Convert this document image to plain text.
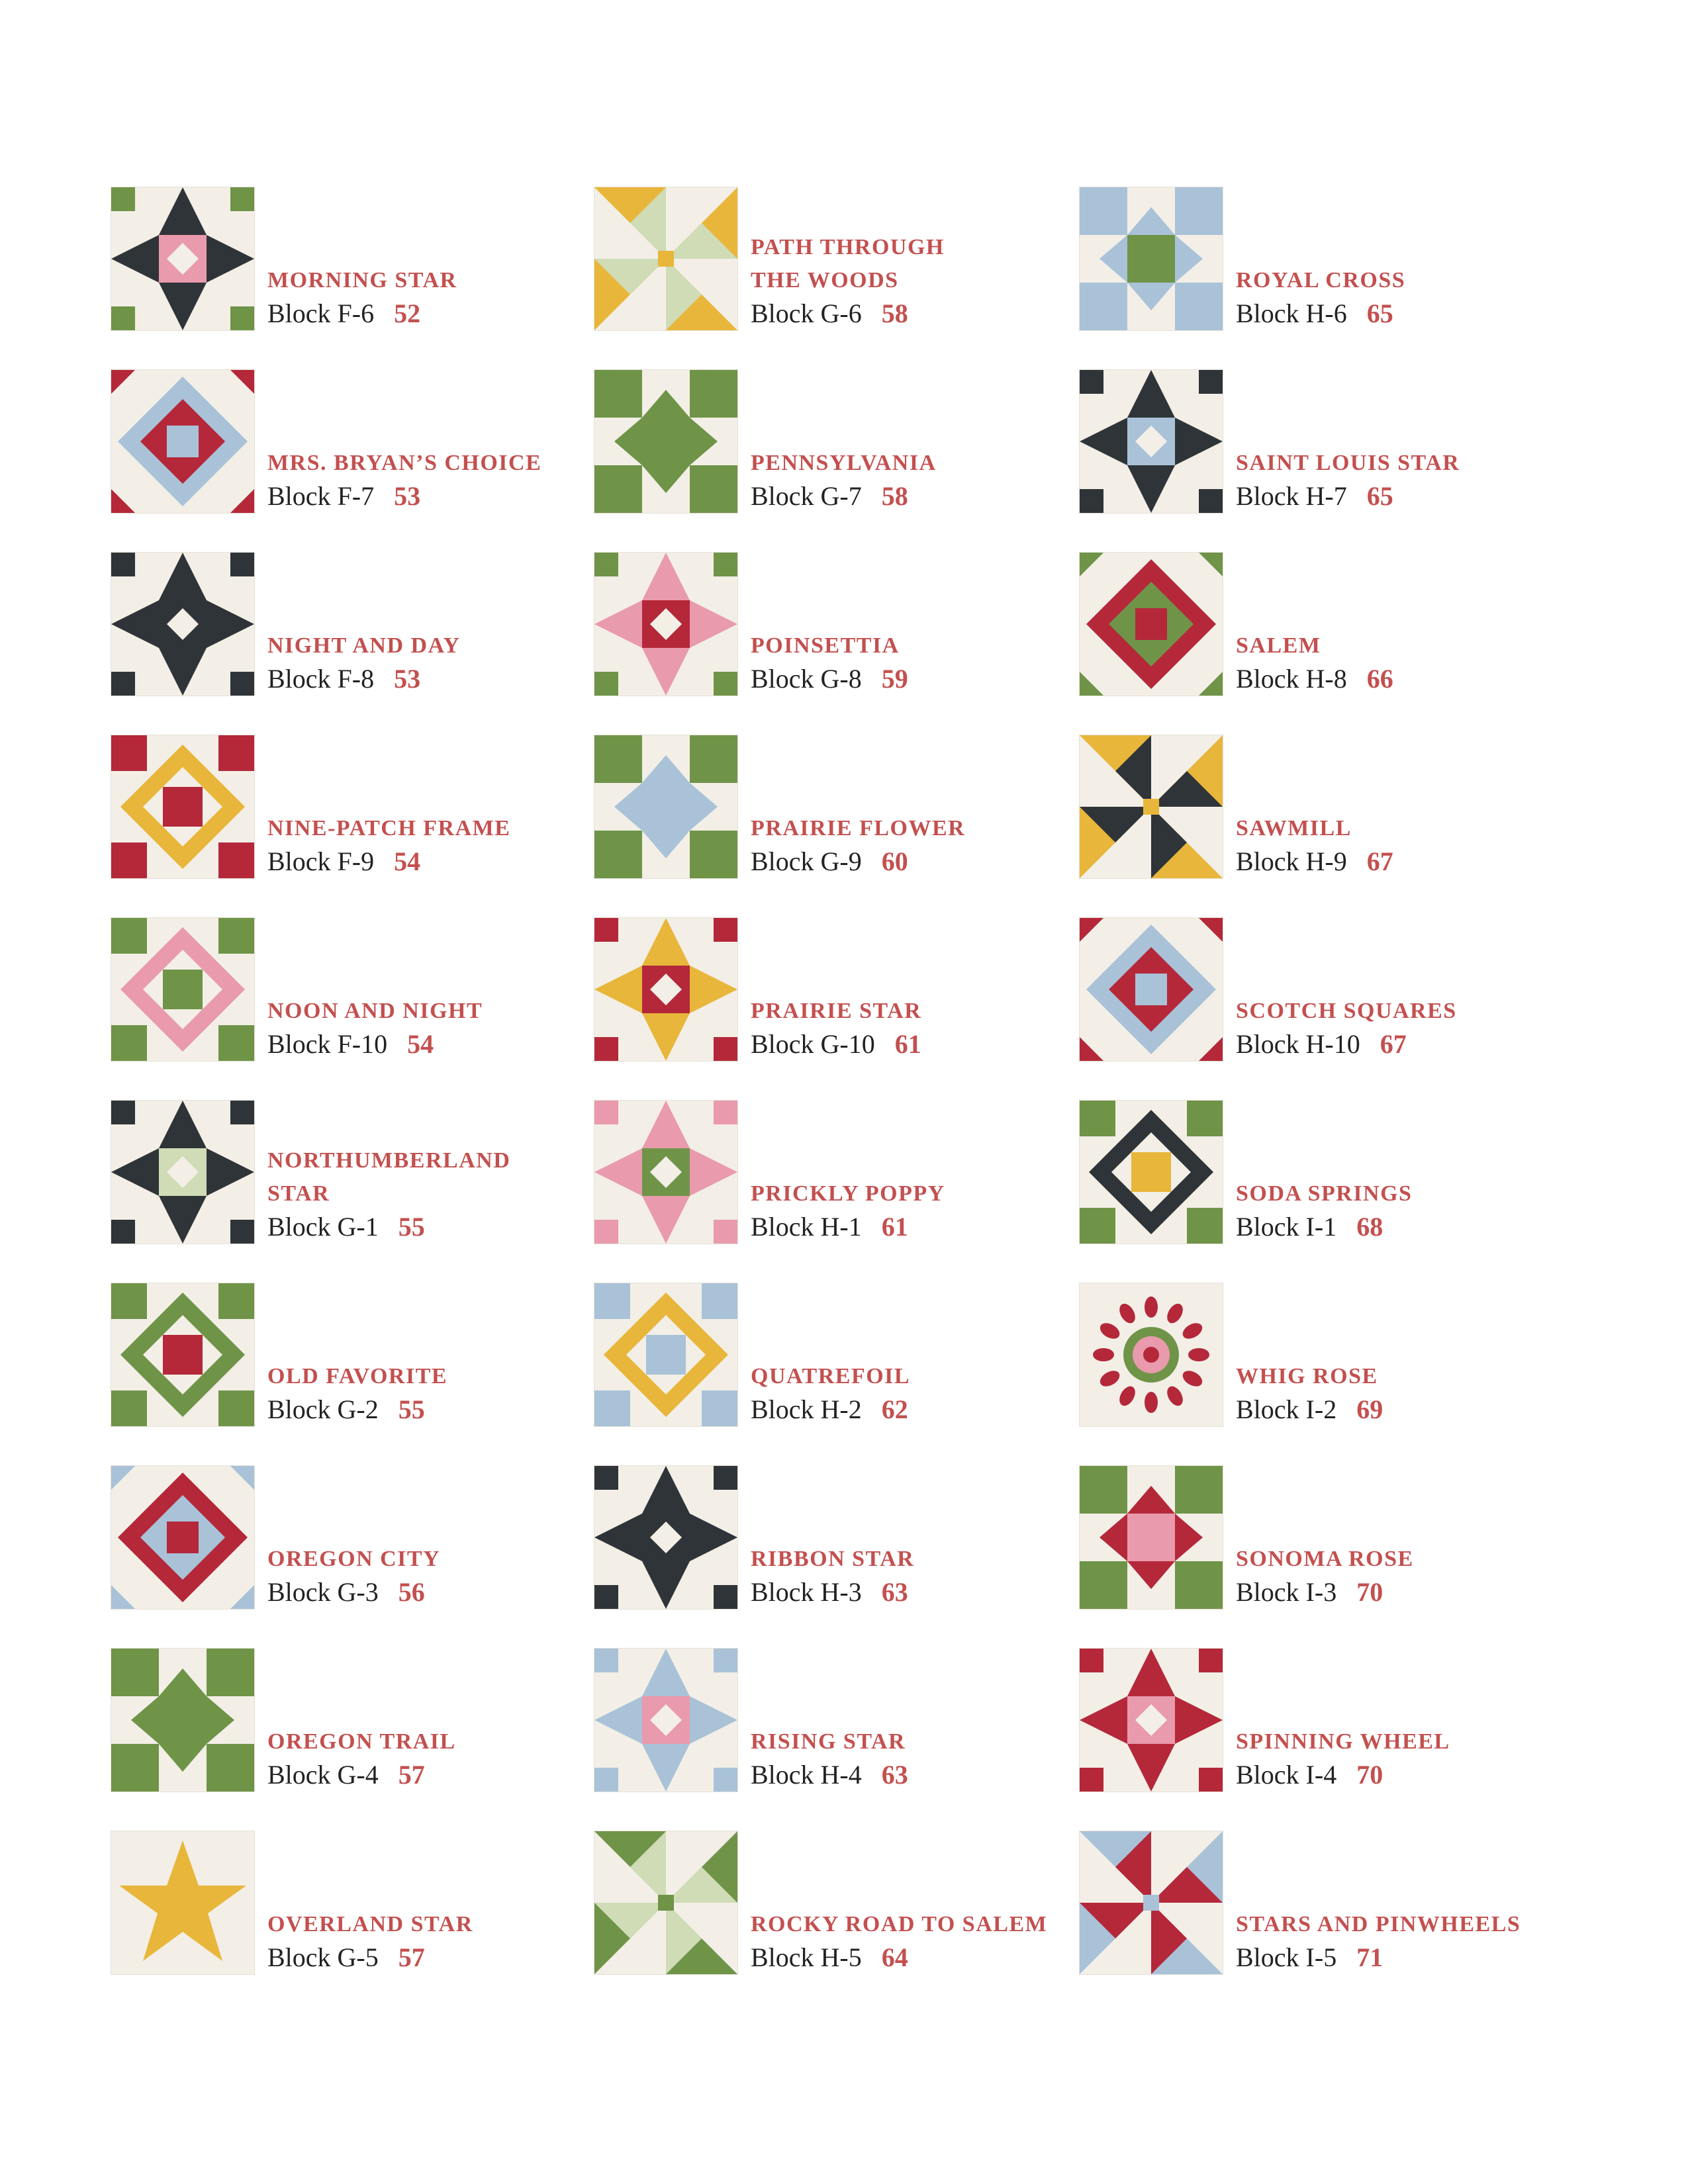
MORNING STAR
Block F-6 52
MRS. BRYAN’S CHOICE
Block F-7 53
NIGHT AND DAY
Block F-8 53
NINE-PATCH FRAME
Block F-9 54
NOON AND NIGHT
Block F-10 54
NORTHUMBERLAND
STAR
Block G-1 55
OLD FAVORITE
Block G-2 55
OREGON CITY
Block G-3 56
OREGON TRAIL
Block G-4 57
OVERLAND STAR
Block G-5 57
PATH THROUGH
THE WOODS
Block G-6 58
PENNSYLVANIA
Block G-7 58
POINSETTIA
Block G-8 59
PRAIRIE FLOWER
Block G-9 60
PRAIRIE STAR
Block G-10 61
PRICKLY POPPY
Block H-1 61
QUATREFOIL
Block H-2 62
RIBBON STAR
Block H-3 63
RISING STAR
Block H-4 63
ROCKY ROAD TO SALEM
Block H-5 64
ROYAL CROSS
Block H-6 65
SAINT LOUIS STAR
Block H-7 65
SALEM
Block H-8 66
SAWMILL
Block H-9 67
SCOTCH SQUARES
Block H-10 67
SODA SPRINGS
Block I-1 68
WHIG ROSE
Block I-2 69
SONOMA ROSE
Block I-3 70
SPINNING WHEEL
Block I-4 70
STARS AND PINWHEELS
Block I-5 71
